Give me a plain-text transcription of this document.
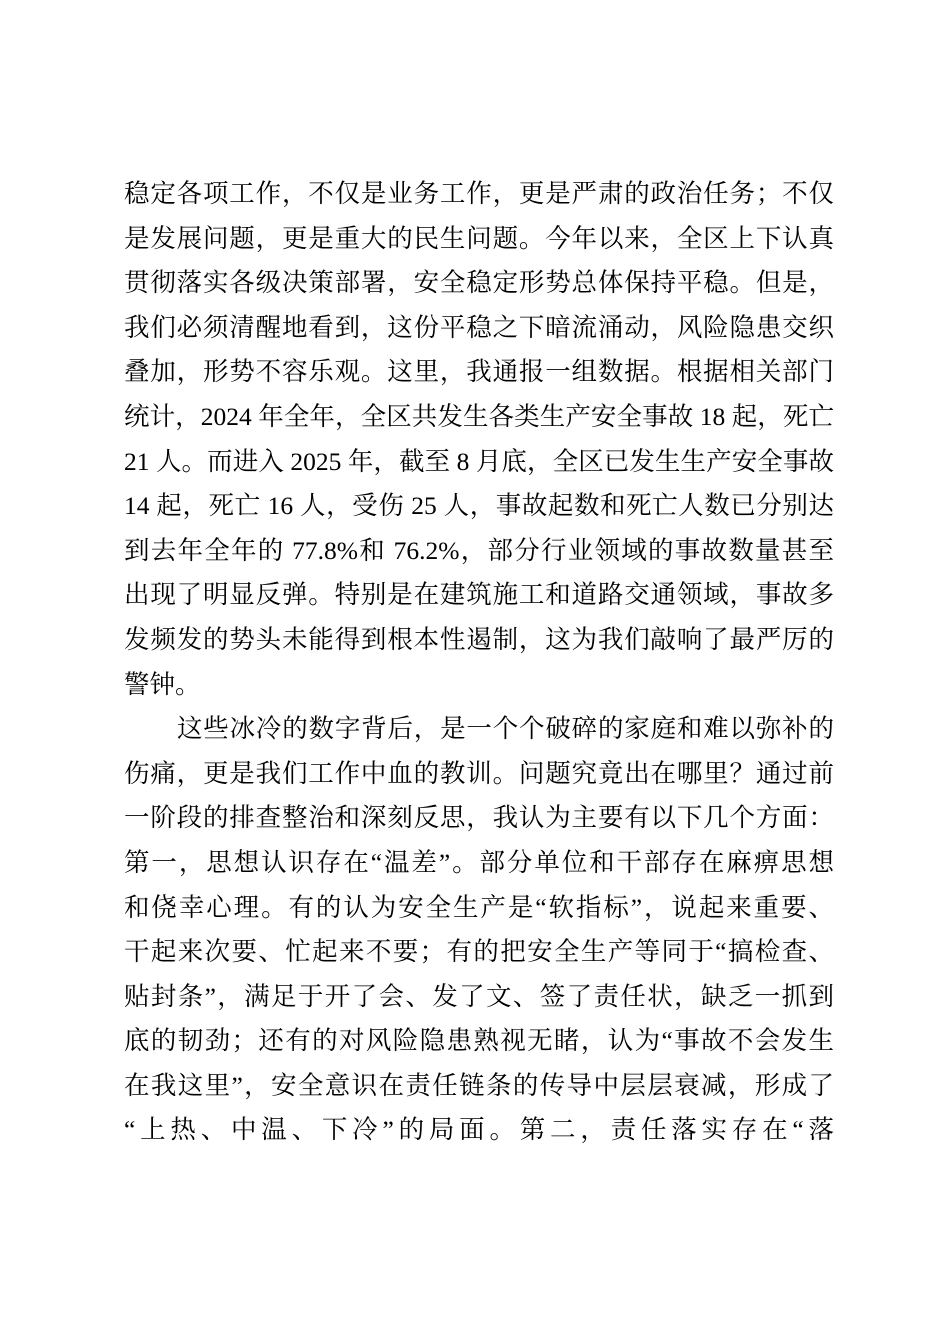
稳定各项工作，不仅是业务工作，更是严肃的政治任务；不仅
是发展问题，更是重大的民生问题。今年以来，全区上下认真
贯彻落实各级决策部署，安全稳定形势总体保持平稳。但是，
我们必须清醒地看到，这份平稳之下暗流涌动，风险隐患交织
叠加，形势不容乐观。这里，我通报一组数据。根据相关部门
统计，2024 年全年，全区共发生各类生产安全事故 18 起，死亡
21 人。而进入 2025 年，截至 8 月底，全区已发生生产安全事故
14 起，死亡 16 人，受伤 25 人，事故起数和死亡人数已分别达
到去年全年的 77.8%和 76.2%，部分行业领域的事故数量甚至
出现了明显反弹。特别是在建筑施工和道路交通领域，事故多
发频发的势头未能得到根本性遏制，这为我们敲响了最严厉的
警钟。
这些冰冷的数字背后，是一个个破碎的家庭和难以弥补的
伤痛，更是我们工作中血的教训。问题究竟出在哪里？通过前
一阶段的排查整治和深刻反思，我认为主要有以下几个方面：
第一，思想认识存在“温差”。部分单位和干部存在麻痹思想
和侥幸心理。有的认为安全生产是“软指标”，说起来重要、
干起来次要、忙起来不要；有的把安全生产等同于“搞检查、
贴封条”，满足于开了会、发了文、签了责任状，缺乏一抓到
底的韧劲；还有的对风险隐患熟视无睹，认为“事故不会发生
在我这里”，安全意识在责任链条的传导中层层衰减，形成了
“上热、中温、下冷”的局面。第二，责任落实存在“落
